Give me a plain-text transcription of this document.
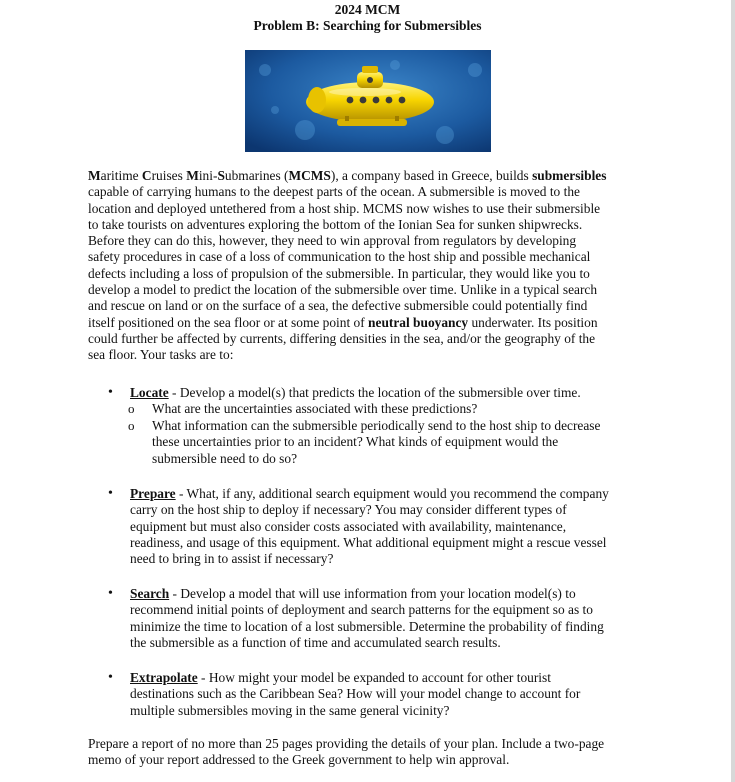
2024 MCM
Problem B: Searching for Submersibles
Maritime Cruises Mini-Submarines (MCMS), a company based in Greece, builds submersibles
capable of carrying humans to the deepest parts of the ocean. A submersible is moved to the
location and deployed untethered from a host ship. MCMS now wishes to use their submersible
to take tourists on adventures exploring the bottom of the Ionian Sea for sunken shipwrecks.
Before they can do this, however, they need to win approval from regulators by developing
safety procedures in case of a loss of communication to the host ship and possible mechanical
defects including a loss of propulsion of the submersible. In particular, they would like you to
develop a model to predict the location of the submersible over time. Unlike in a typical search
and rescue on land or on the surface of a sea, the defective submersible could potentially find
itself positioned on the sea floor or at some point of neutral buoyancy underwater. Its position
could further be affected by currents, differing densities in the sea, and/or the geography of the
sea floor. Your tasks are to:
• Locate - Develop a model(s) that predicts the location of the submersible over time.
o What are the uncertainties associated with these predictions?
o What information can the submersible periodically send to the host ship to decrease
these uncertainties prior to an incident? What kinds of equipment would the
submersible need to do so?
• Prepare - What, if any, additional search equipment would you recommend the company
carry on the host ship to deploy if necessary? You may consider different types of
equipment but must also consider costs associated with availability, maintenance,
readiness, and usage of this equipment. What additional equipment might a rescue vessel
need to bring in to assist if necessary?
• Search - Develop a model that will use information from your location model(s) to
recommend initial points of deployment and search patterns for the equipment so as to
minimize the time to location of a lost submersible. Determine the probability of finding
the submersible as a function of time and accumulated search results.
• Extrapolate - How might your model be expanded to account for other tourist
destinations such as the Caribbean Sea? How will your model change to account for
multiple submersibles moving in the same general vicinity?
Prepare a report of no more than 25 pages providing the details of your plan. Include a two-page
memo of your report addressed to the Greek government to help win approval.
